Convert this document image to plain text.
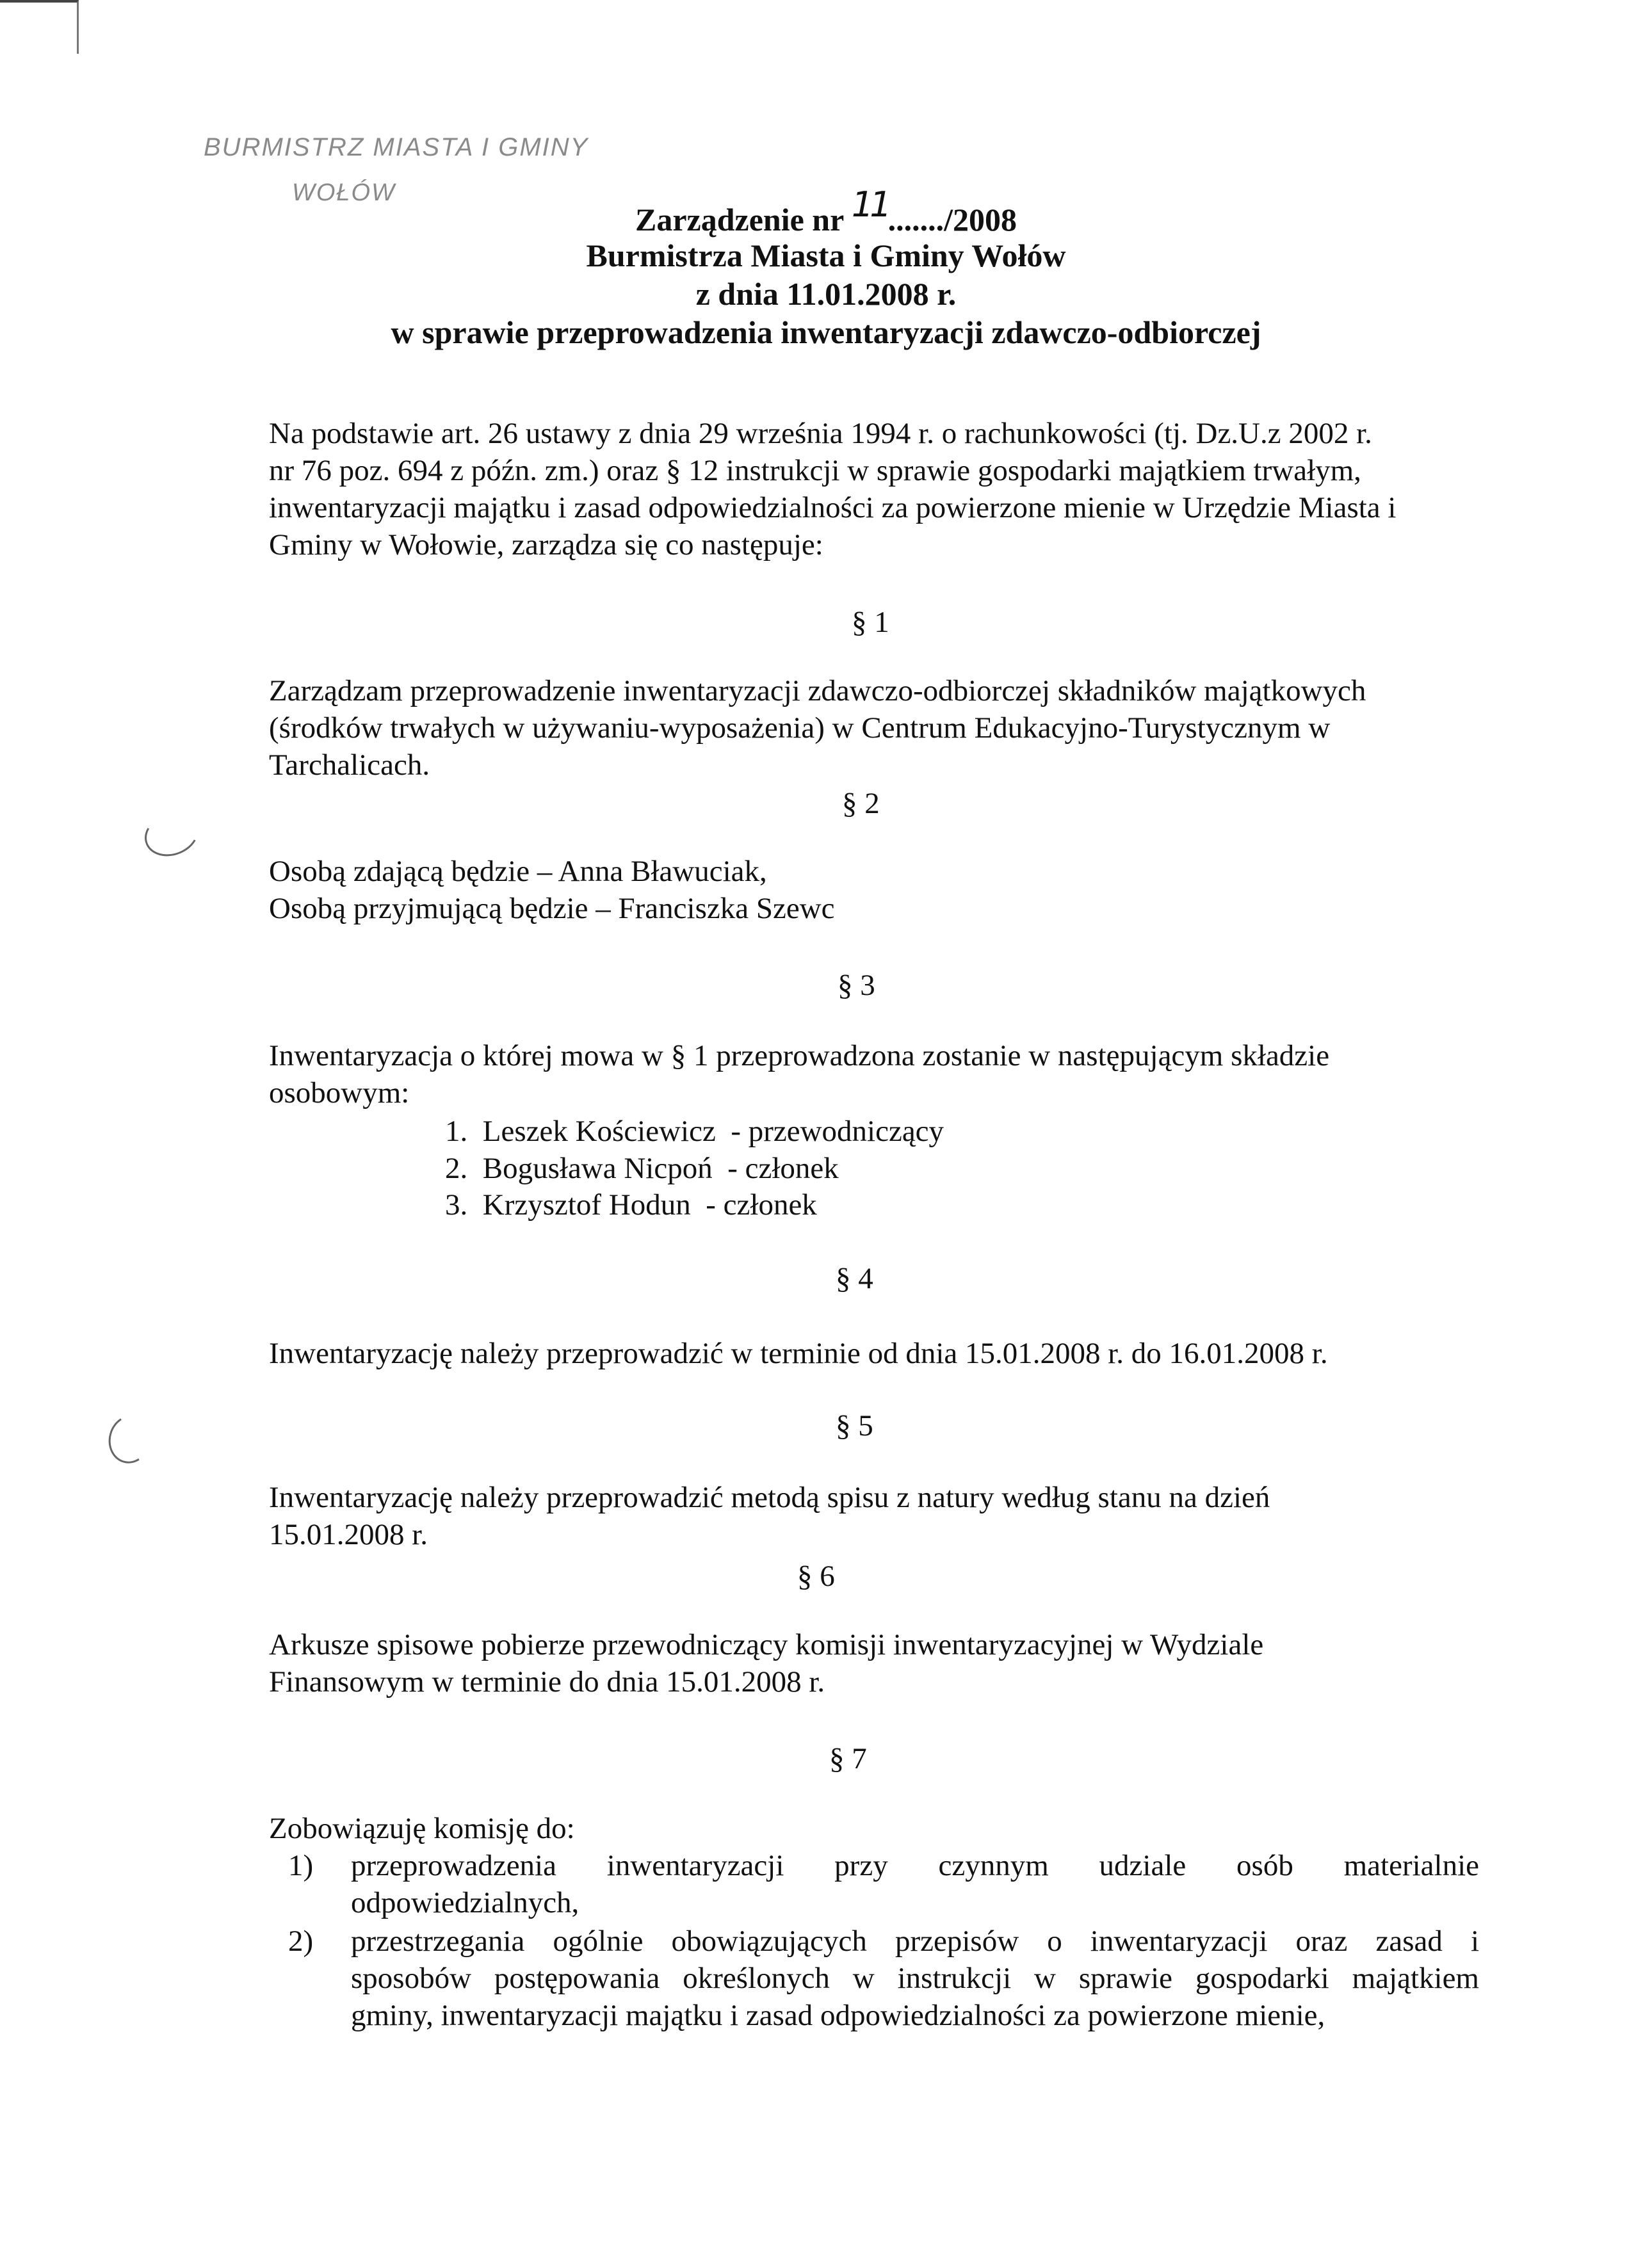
BURMISTRZ MIASTA I GMINY
WOŁÓW
Zarządzenie nr 11......./2008
Burmistrza Miasta i Gminy Wołów
z dnia 11.01.2008 r.
w sprawie przeprowadzenia inwentaryzacji zdawczo-odbiorczej
Na podstawie art. 26 ustawy z dnia 29 września 1994 r. o rachunkowości (tj. Dz.U.z 2002 r.
nr 76 poz. 694 z późn. zm.) oraz § 12 instrukcji w sprawie gospodarki majątkiem trwałym,
inwentaryzacji majątku i zasad odpowiedzialności za powierzone mienie w Urzędzie Miasta i
Gminy w Wołowie, zarządza się co następuje:
§ 1
Zarządzam przeprowadzenie inwentaryzacji zdawczo-odbiorczej składników majątkowych
(środków trwałych w używaniu-wyposażenia) w Centrum Edukacyjno-Turystycznym w
Tarchalicach.
§ 2
Osobą zdającą będzie – Anna Bławuciak,
Osobą przyjmującą będzie – Franciszka Szewc
§ 3
Inwentaryzacja o której mowa w § 1 przeprowadzona zostanie w następującym składzie
osobowym:
1. Leszek Kościewicz  - przewodniczący
2. Bogusława Nicpoń  - członek
3. Krzysztof Hodun  - członek
§ 4
Inwentaryzację należy przeprowadzić w terminie od dnia 15.01.2008 r. do 16.01.2008 r.
§ 5
Inwentaryzację należy przeprowadzić metodą spisu z natury według stanu na dzień
15.01.2008 r.
§ 6
Arkusze spisowe pobierze przewodniczący komisji inwentaryzacyjnej w Wydziale
Finansowym w terminie do dnia 15.01.2008 r.
§ 7
Zobowiązuję komisję do:
1) przeprowadzenia inwentaryzacji przy czynnym udziale osób materialnie
odpowiedzialnych,
2) przestrzegania ogólnie obowiązujących przepisów o inwentaryzacji oraz zasad i
sposobów postępowania określonych w instrukcji w sprawie gospodarki majątkiem
gminy, inwentaryzacji majątku i zasad odpowiedzialności za powierzone mienie,
